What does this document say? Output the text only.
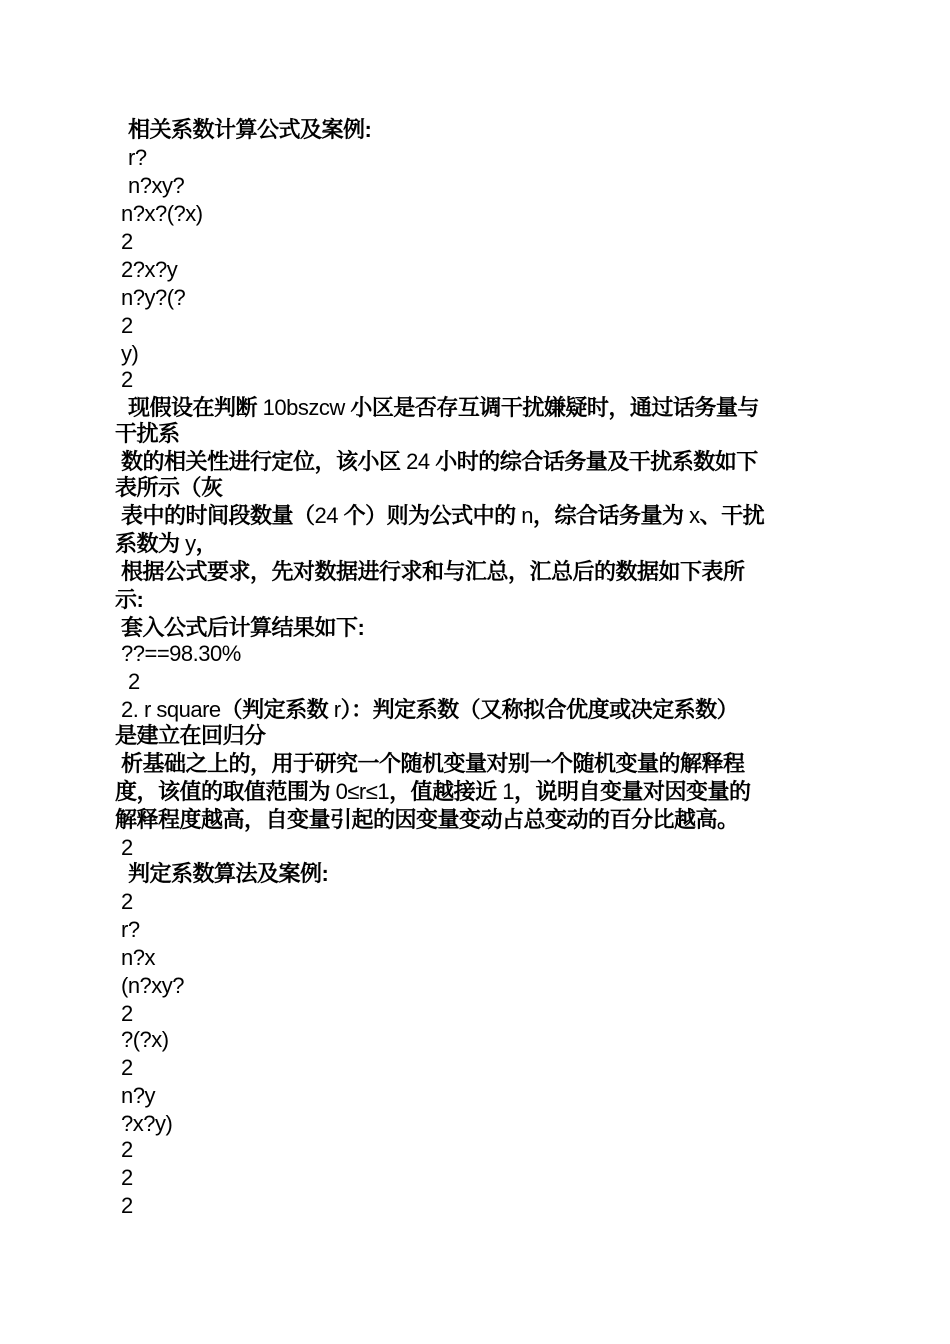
相关系数计算公式及案例:
r?
n?xy?
n?x?(?x)
2
2?x?y
n?y?(?
2
y)
2
现假设在判断 10bszcw 小区是否存互调干扰嫌疑时，通过话务量与
干扰系
数的相关性进行定位，该小区 24 小时的综合话务量及干扰系数如下
表所示（灰
表中的时间段数量（24 个）则为公式中的 n，综合话务量为 x、干扰
系数为 y，
根据公式要求，先对数据进行求和与汇总，汇总后的数据如下表所
示:
套入公式后计算结果如下:
??==98.30%
2
2. r square（判定系数 r）：判定系数（又称拟合优度或决定系数）
是建立在回归分
析基础之上的，用于研究一个随机变量对别一个随机变量的解释程
度，该值的取值范围为 0≤r≤1，值越接近 1，说明自变量对因变量的
解释程度越高，自变量引起的因变量变动占总变动的百分比越高。
2
判定系数算法及案例:
2
r?
n?x
(n?xy?
2
?(?x)
2
n?y
?x?y)
2
2
2
